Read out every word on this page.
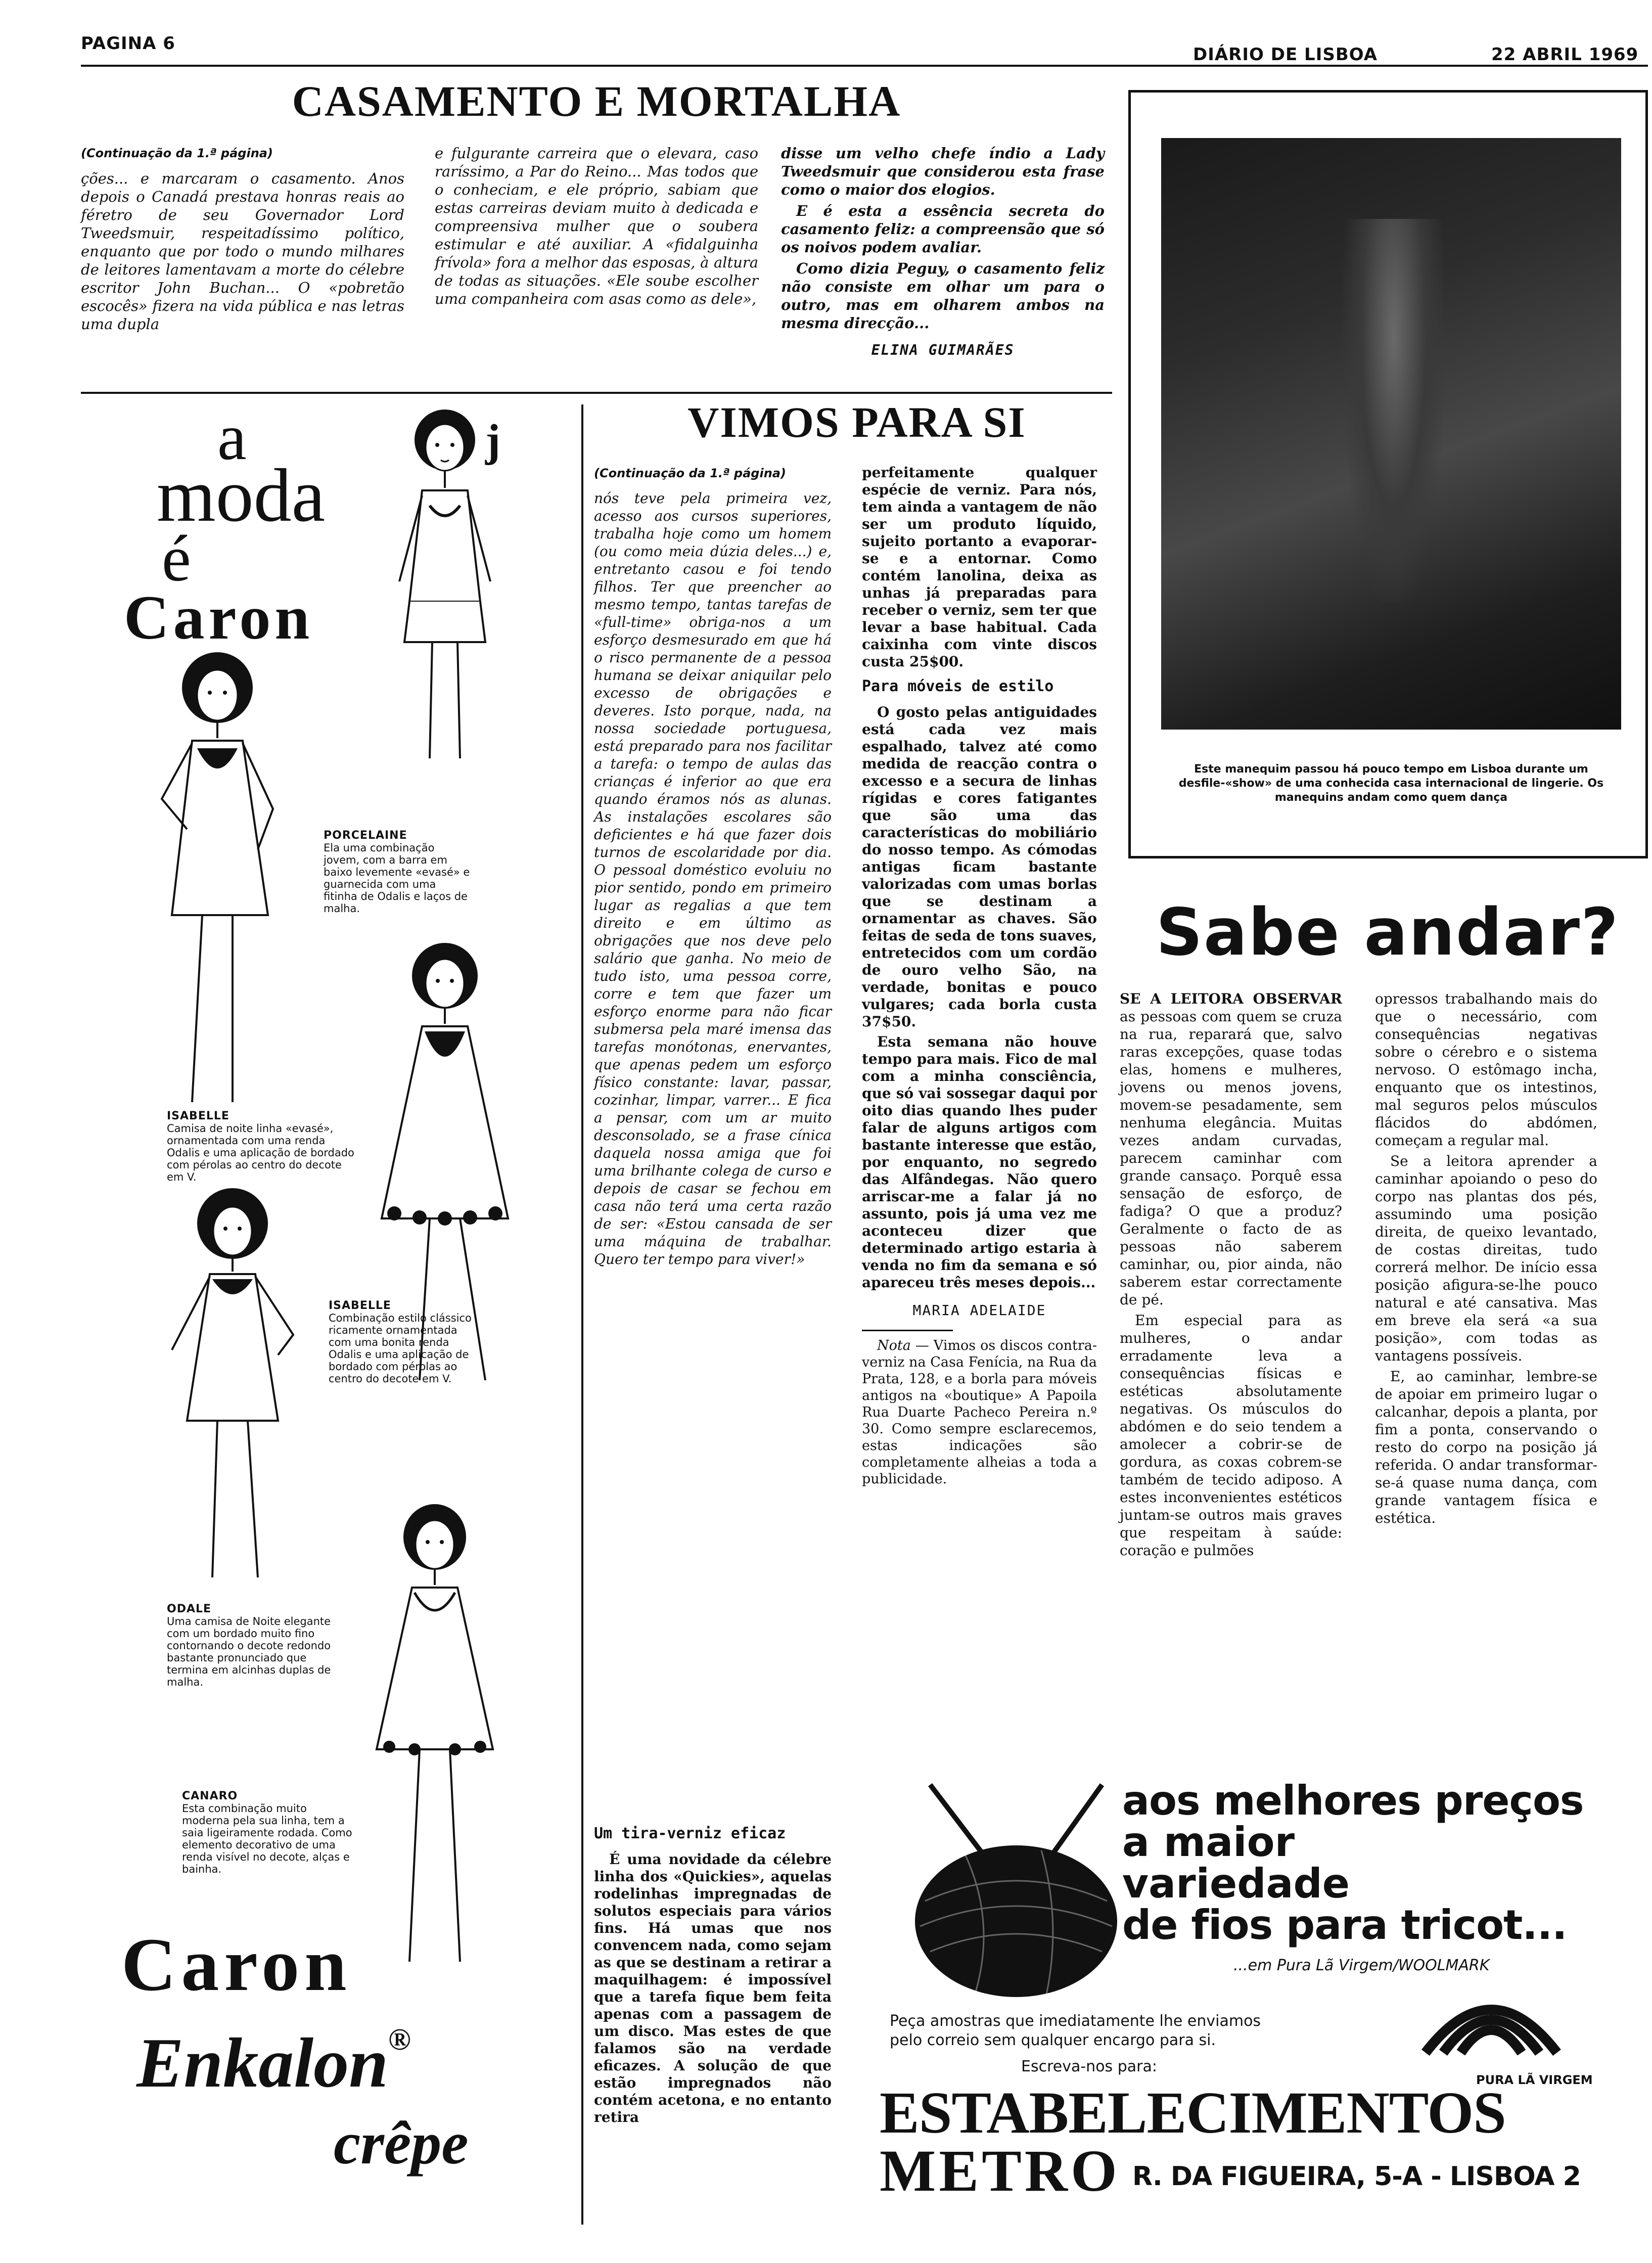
PAGINA 6
DIÁRIO DE LISBOA	22 ABRIL 1969
CASAMENTO E MORTALHA
(Continuação da 1.ª página)

ções... e marcaram o casamento. Anos depois o Canadá prestava honras reais ao féretro de seu Governador Lord Tweedsmuir, respeitadíssimo político, enquanto que por todo o mundo milhares de leitores lamentavam a morte do célebre escritor John Buchan... O «pobretão escocês» fizera na vida pública e nas letras uma dupla

e fulgurante carreira que o elevara, caso raríssimo, a Par do Reino... Mas todos que o conheciam, e ele próprio, sabiam que estas carreiras deviam muito à dedicada e compreensiva mulher que o soubera estimular e até auxiliar. A «fidalguinha frívola» fora a melhor das esposas, à altura de todas as situações. «Ele soube escolher uma companheira com asas como as dele»,

disse um velho chefe índio a Lady Tweedsmuir que considerou esta frase como o maior dos elogios.

E é esta a essência secreta do casamento feliz: a compreensão que só os noivos podem avaliar.

Como dizia Peguy, o casamento feliz não consiste em olhar um para o outro, mas em olharem ambos na mesma direcção...

ELINA GUIMARÃES
Este manequim passou há pouco tempo em Lisboa durante um desfile-«show» de uma conhecida casa internacional de lingerie. Os manequins andam como quem dança
a
moda
é
Caron
j
PORCELAINE
Ela uma combinação jovem, com a barra em baixo levemente «evasé» e guarnecida com uma fitinha de Odalis e laços de malha.
ISABELLE
Camisa de noite linha «evasé», ornamentada com uma renda Odalis e uma aplicação de bordado com pérolas ao centro do decote em V.
ISABELLE
Combinação estilo clássico ricamente ornamentada com uma bonita renda Odalis e uma aplicação de bordado com pérolas ao centro do decote em V.
ODALE
Uma camisa de Noite elegante com um bordado muito fino contornando o decote redondo bastante pronunciado que termina em alcinhas duplas de malha.
CANARO
Esta combinação muito moderna pela sua linha, tem a saia ligeiramente rodada. Como elemento decorativo de uma renda visível no decote, alças e bainha.
Caron
Enkalon®
crêpe
VIMOS PARA SI
(Continuação da 1.ª página)

nós teve pela primeira vez, acesso aos cursos superiores, trabalha hoje como um homem (ou como meia dúzia deles...) e, entretanto casou e foi tendo filhos. Ter que preencher ao mesmo tempo, tantas tarefas de «full-time» obriga-nos a um esforço desmesurado em que há o risco permanente de a pessoa humana se deixar aniquilar pelo excesso de obrigações e deveres. Isto porque, nada, na nossa sociedade portuguesa, está preparado para nos facilitar a tarefa: o tempo de aulas das crianças é inferior ao que era quando éramos nós as alunas. As instalações escolares são deficientes e há que fazer dois turnos de escolaridade por dia. O pessoal doméstico evoluiu no pior sentido, pondo em primeiro lugar as regalias a que tem direito e em último as obrigações que nos deve pelo salário que ganha. No meio de tudo isto, uma pessoa corre, corre e tem que fazer um esforço enorme para não ficar submersa pela maré imensa das tarefas monótonas, enervantes, que apenas pedem um esforço físico constante: lavar, passar, cozinhar, limpar, varrer... E fica a pensar, com um ar muito desconsolado, se a frase cínica daquela nossa amiga que foi uma brilhante colega de curso e depois de casar se fechou em casa não terá uma certa razão de ser: «Estou cansada de ser uma máquina de trabalhar. Quero ter tempo para viver!»

Um tira-verniz eficaz

É uma novidade da célebre linha dos «Quickies», aquelas rodelinhas impregnadas de solutos especiais para vários fins. Há umas que nos convencem nada, como sejam as que se destinam a retirar a maquilhagem: é impossível que a tarefa fique bem feita apenas com a passagem de um disco. Mas estes de que falamos são na verdade eficazes. A solução de que estão impregnados não contém acetona, e no entanto retira

perfeitamente qualquer espécie de verniz. Para nós, tem ainda a vantagem de não ser um produto líquido, sujeito portanto a evaporar-se e a entornar. Como contém lanolina, deixa as unhas já preparadas para receber o verniz, sem ter que levar a base habitual. Cada caixinha com vinte discos custa 25$00.

Para móveis de estilo

O gosto pelas antiguidades está cada vez mais espalhado, talvez até como medida de reacção contra o excesso e a secura de linhas rígidas e cores fatigantes que são uma das características do mobiliário do nosso tempo. As cómodas antigas ficam bastante valorizadas com umas borlas que se destinam a ornamentar as chaves. São feitas de seda de tons suaves, entretecidos com um cordão de ouro velho São, na verdade, bonitas e pouco vulgares; cada borla custa 37$50.

Esta semana não houve tempo para mais. Fico de mal com a minha consciência, que só vai sossegar daqui por oito dias quando lhes puder falar de alguns artigos com bastante interesse que estão, por enquanto, no segredo das Alfândegas. Não quero arriscar-me a falar já no assunto, pois já uma vez me aconteceu dizer que determinado artigo estaria à venda no fim da semana e só apareceu três meses depois...

MARIA ADELAIDE

Nota — Vimos os discos contra-verniz na Casa Fenícia, na Rua da Prata, 128, e a borla para móveis antigos na «boutique» A Papoila Rua Duarte Pacheco Pereira n.º 30. Como sempre esclarecemos, estas indicações são completamente alheias a toda a publicidade.

Sabe andar?

SE A LEITORA OBSERVAR as pessoas com quem se cruza na rua, reparará que, salvo raras excepções, quase todas elas, homens e mulheres, jovens ou menos jovens, movem-se pesadamente, sem nenhuma elegância. Muitas vezes andam curvadas, parecem caminhar com grande cansaço. Porquê essa sensação de esforço, de fadiga? O que a produz? Geralmente o facto de as pessoas não saberem caminhar, ou, pior ainda, não saberem estar correctamente de pé.

Em especial para as mulheres, o andar erradamente leva a consequências físicas e estéticas absolutamente negativas. Os músculos do abdómen e do seio tendem a amolecer a cobrir-se de gordura, as coxas cobrem-se também de tecido adiposo. A estes inconvenientes estéticos juntam-se outros mais graves que respeitam à saúde: coração e pulmões

opressos trabalhando mais do que o necessário, com consequências negativas sobre o cérebro e o sistema nervoso. O estômago incha, enquanto que os intestinos, mal seguros pelos músculos flácidos do abdómen, começam a regular mal.

Se a leitora aprender a caminhar apoiando o peso do corpo nas plantas dos pés, assumindo uma posição direita, de queixo levantado, de costas direitas, tudo correrá melhor. De início essa posição afigura-se-lhe pouco natural e até cansativa. Mas em breve ela será «a sua posição», com todas as vantagens possíveis.

E, ao caminhar, lembre-se de apoiar em primeiro lugar o calcanhar, depois a planta, por fim a ponta, conservando o resto do corpo na posição já referida. O andar transformar-se-á quase numa dança, com grande vantagem física e estética.

aos melhores preços
a maior
variedade
de fios para tricot...
...em Pura Lã Virgem/WOOLMARK
Peça amostras que imediatamente lhe enviamos
pelo correio sem qualquer encargo para si.
Escreva-nos para:
PURA LÃ VIRGEM
ESTABELECIMENTOS
METRO R. DA FIGUEIRA, 5-A - LISBOA 2
